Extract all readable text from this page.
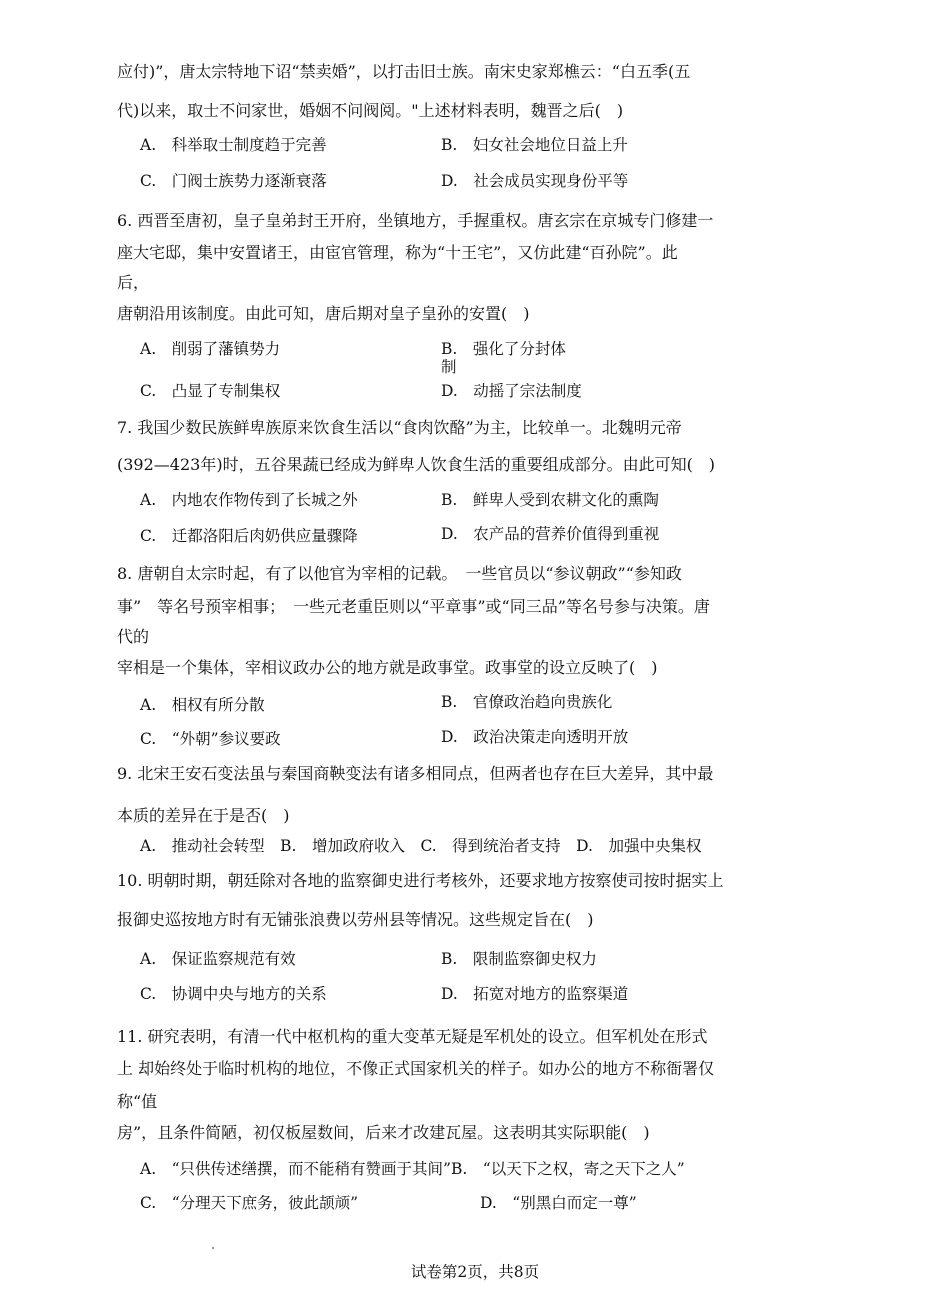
应付)”，唐太宗特地下诏“禁卖婚”，以打击旧士族。南宋史家郑樵云：“白五季(五
代)以来，取士不问家世，婚姻不问阀阅。"上述材料表明，魏晋之后(　)
A.　科举取士制度趋于完善	B.　妇女社会地位日益上升
C.　门阀士族势力逐渐衰落	D.　社会成员实现身份平等
6. 西晋至唐初，皇子皇弟封王开府，坐镇地方，手握重权。唐玄宗在京城专门修建一
座大宅邸，集中安置诸王，由宦官管理，称为“十王宅”，又仿此建“百孙院”。此
后，
唐朝沿用该制度。由此可知，唐后期对皇子皇孙的安置(　)
A.　削弱了藩镇势力	B.　强化了分封体
制
C.　凸显了专制集权	D.　动摇了宗法制度
7. 我国少数民族鲜卑族原来饮食生活以“食肉饮酪”为主，比较单一。北魏明元帝
(392—423年)时，五谷果蔬已经成为鲜卑人饮食生活的重要组成部分。由此可知(　)
A.　内地农作物传到了长城之外	B.　鲜卑人受到农耕文化的熏陶
C.　迁都洛阳后肉奶供应量骤降	D.　农产品的营养价值得到重视
8. 唐朝自太宗时起，有了以他官为宰相的记载。　一些官员以“参议朝政”“参知政
事”　等名号预宰相事；　一些元老重臣则以“平章事”或“同三品”等名号参与决策。唐
代的
宰相是一个集体，宰相议政办公的地方就是政事堂。政事堂的设立反映了(　)
A.　相权有所分散	B.　官僚政治趋向贵族化
C.　“外朝”参议要政	D.　政治决策走向透明开放
9. 北宋王安石变法虽与秦国商鞅变法有诸多相同点，但两者也存在巨大差异，其中最
本质的差异在于是否(　)
A.　推动社会转型　B.　增加政府收入　C.　得到统治者支持　D.　加强中央集权
10. 明朝时期，朝廷除对各地的监察御史进行考核外，还要求地方按察使司按时据实上
报御史巡按地方时有无铺张浪费以劳州县等情况。这些规定旨在(　)
A.　保证监察规范有效	B.　限制监察御史权力
C.　协调中央与地方的关系	D.　拓宽对地方的监察渠道
11. 研究表明，有清一代中枢机构的重大变革无疑是军机处的设立。但军机处在形式
上 却始终处于临时机构的地位，不像正式国家机关的样子。如办公的地方不称衙署仅
称“值
房”，且条件简陋，初仅板屋数间，后来才改建瓦屋。这表明其实际职能(　)
A.　“只供传述缮撰，而不能稍有赞画于其间”B.　“以天下之权，寄之天下之人”
C.　“分理天下庶务，彼此颉颃”	D.　“别黑白而定一尊”
试卷第2页，共8页
